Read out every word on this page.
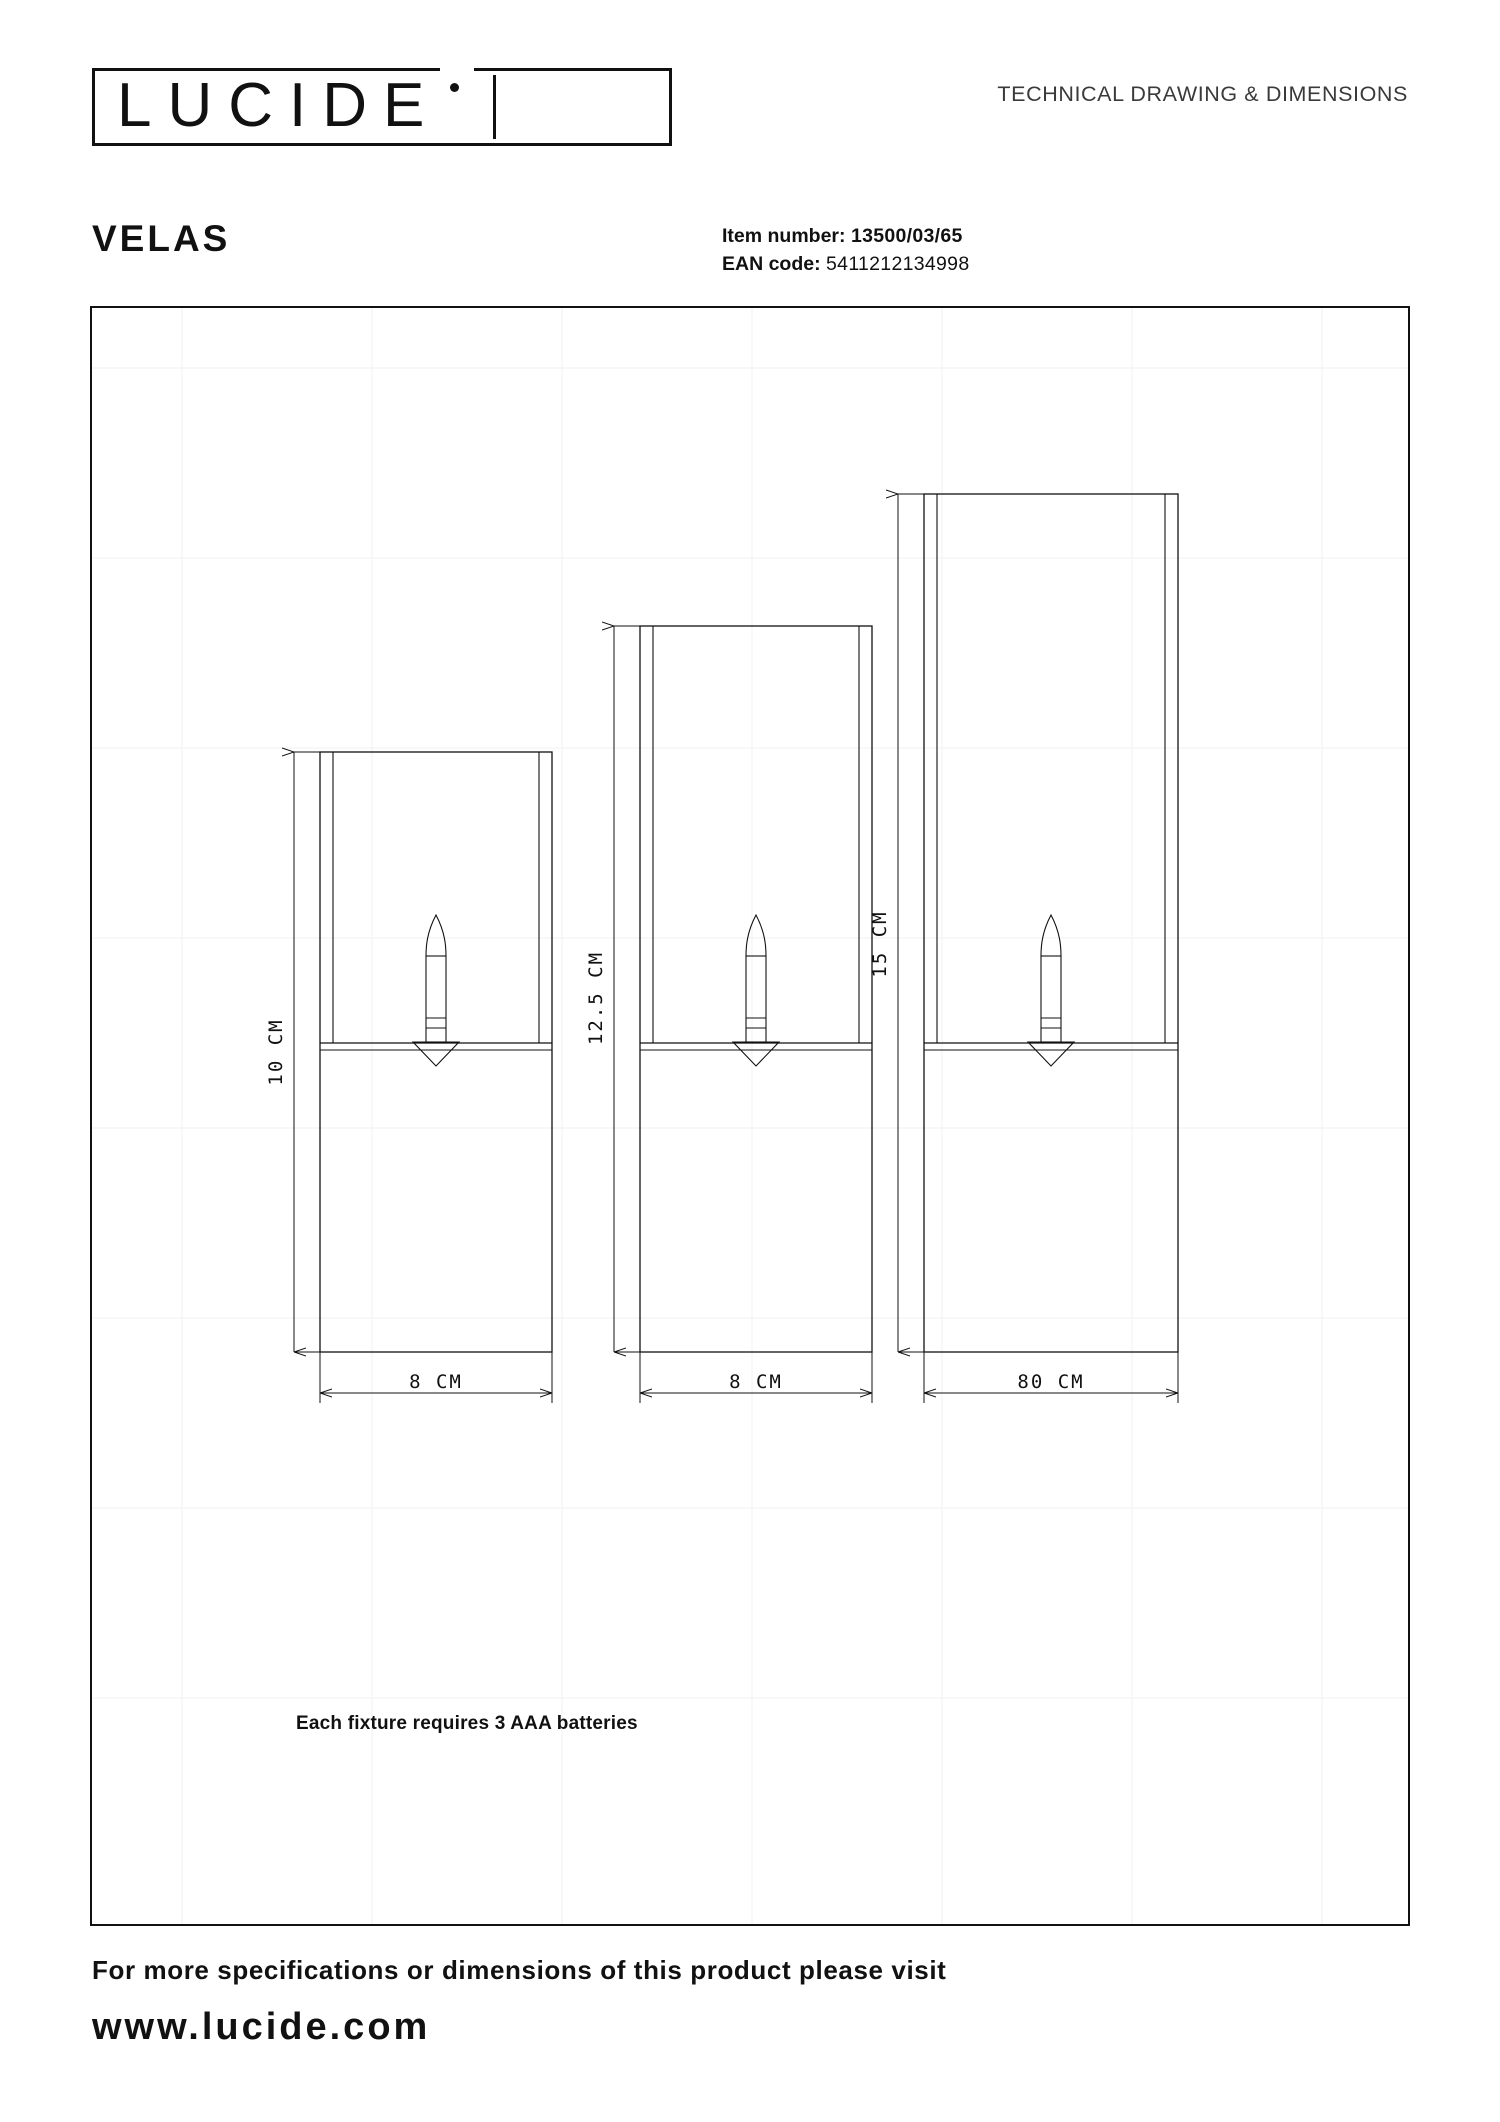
LUCIDE	TECHNICAL DRAWING & DIMENSIONS
VELAS	Item number: 13500/03/65
EAN code: 5411212134998
10 CM
8 CM
12.5 CM
8 CM
15 CM
80 CM
Each fixture requires 3 AAA batteries
For more specifications or dimensions of this product please visit
www.lucide.com
